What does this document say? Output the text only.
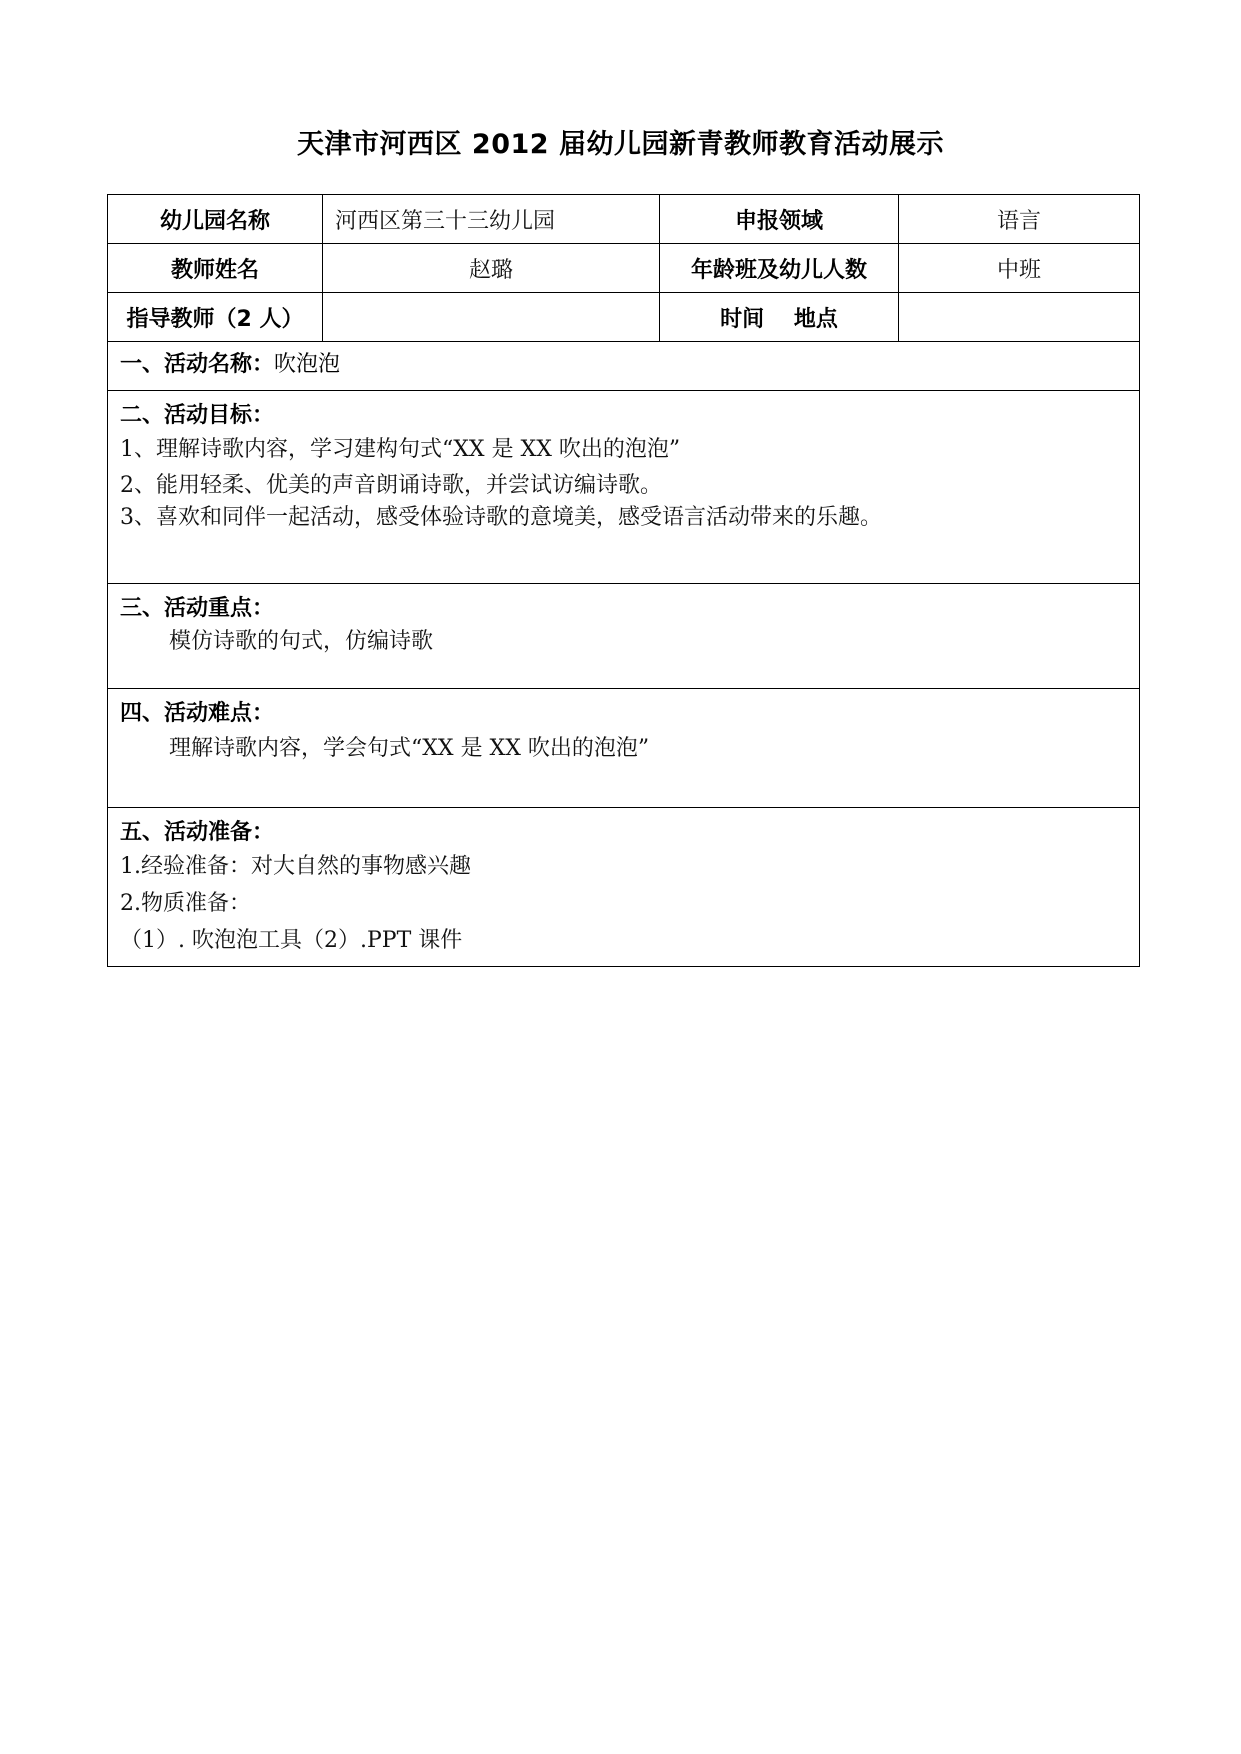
天津市河西区 2012 届幼儿园新青教师教育活动展示
幼儿园名称	河西区第三十三幼儿园	申报领域	语言
教师姓名	赵璐	年龄班及幼儿人数	中班
指导教师（2 人）		时间　 地点	

一、活动名称：吹泡泡			

二、活动目标：
1、理解诗歌内容，学习建构句式“XX 是 XX 吹出的泡泡”
2、能用轻柔、优美的声音朗诵诗歌，并尝试访编诗歌。
3、喜欢和同伴一起活动，感受体验诗歌的意境美，感受语言活动带来的乐趣。			

三、活动重点：
模仿诗歌的句式，仿编诗歌			

四、活动难点：
理解诗歌内容，学会句式“XX 是 XX 吹出的泡泡”			

五、活动准备：
1.经验准备：对大自然的事物感兴趣
2.物质准备：
（1）. 吹泡泡工具（2）.PPT 课件			
